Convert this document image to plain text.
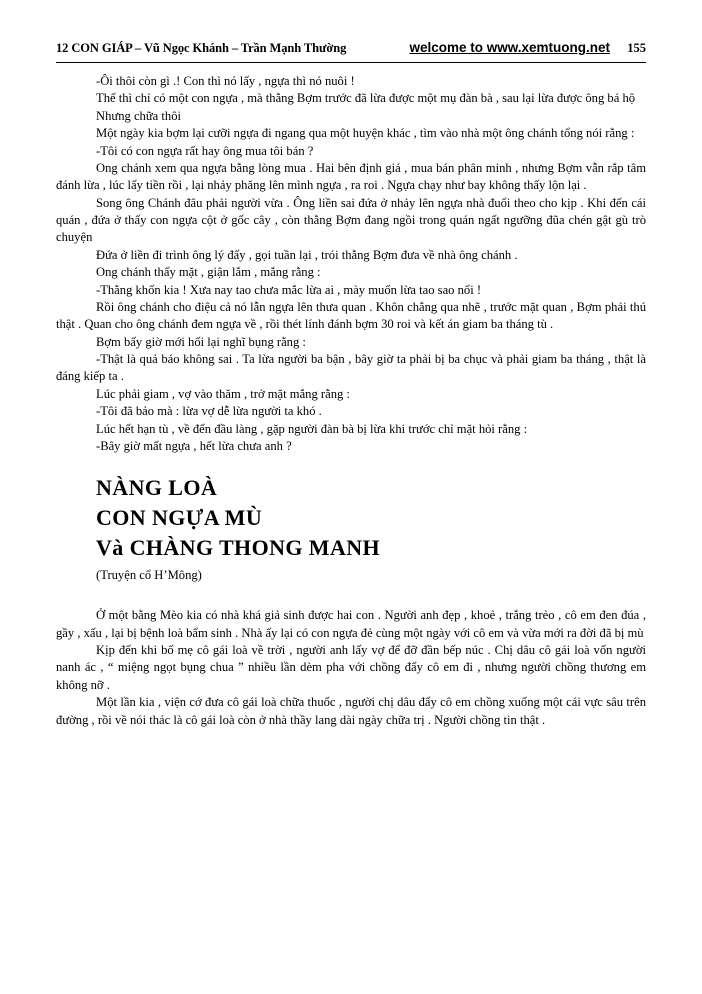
12 CON GIÁP – Vũ Ngọc Khánh – Trần Mạnh Thường	welcome to www.xemtuong.net	155

-Ôi thôi còn gì .! Con thì nó lấy , ngựa thì nó nuôi !

Thế thì chỉ có một con ngựa , mà thằng Bợm trước đã lừa được một mụ đàn bà , sau lại lừa được ông bá hộ

Nhưng chữa thôi

Một ngày kia bợm lại cưỡi ngựa đi ngang qua một huyện khác , tìm vào nhà một ông chánh tổng nói rằng :

-Tôi có con ngựa rất hay ông mua tôi bán ?

Ong chánh xem qua ngựa bằng lòng mua . Hai bên định giá , mua bán phân minh , nhưng Bợm vẫn rắp tâm đánh lừa , lúc lấy tiền rồi , lại nhảy phăng lên mình ngựa , ra roi . Ngựa chạy như bay không thấy lộn lại .

Song ông Chánh đâu phải người vừa . Ông liền sai đứa ở nhảy lên ngựa nhà đuổi theo cho kịp . Khi đến cái quán , đứa ở thấy con ngựa cột ở gốc cây , còn thằng Bợm đang ngồi trong quán ngất ngưỡng đũa chén gật gù trò chuyện

Đứa ở liền đi trình ông lý đấy , gọi tuần lại , trói thằng Bợm đưa về nhà ông chánh .

Ong chánh thấy mặt , giận lắm , mắng rằng :

-Thằng khốn kia ! Xưa nay tao chưa mắc lừa ai , mày muốn lừa tao sao nổi !

Rồi ông chánh cho điệu cả nó lẫn ngựa lên thưa quan . Khôn chẳng qua nhẽ , trước mặt quan , Bợm phải thú thật . Quan cho ông chánh đem ngựa về , rồi thét lính đánh bợm 30 roi và kết án giam ba tháng tù .

Bợm bấy giờ mới hối lại nghĩ bụng rằng :

-Thật là quả báo không sai . Ta lừa người ba bận , bây giờ ta phải bị ba chục và phải giam ba tháng , thật là đáng kiếp ta .

Lúc phải giam , vợ vào thăm , trở mặt mắng rằng :

-Tôi đã bảo mà : lừa vợ dễ lừa người ta khó .

Lúc hết hạn tù , về đến đầu làng , gặp người đàn bà bị lừa khi trước chỉ mặt hỏi rằng :

-Bây giờ mất ngựa , hết lừa chưa anh ?

NÀNG LOÀ
CON NGỰA MÙ
Và CHÀNG THONG MANH
(Truyện cổ H’Mông)

Ở một bằng Mèo kia có nhà khá giả sinh được hai con . Người anh đẹp , khoẻ , trắng trẻo , cô em đen đúa , gầy , xấu , lại bị bệnh loà bẩm sinh . Nhà ấy lại có con ngựa đẻ cùng một ngày với cô em và vừa mới ra đời đã bị mù

Kịp đến khi bố mẹ cô gái loà về trời , người anh lấy vợ để đỡ đần bếp núc . Chị dâu cô gái loà vốn người nanh ác , “ miệng ngọt bụng chua ” nhiều lần dèm pha với chồng đẩy cô em đi , nhưng người chồng thương em không nỡ .

Một lần kia , viện cớ đưa cô gái loà chữa thuốc , người chị dâu đẩy cô em chồng xuống một cái vực sâu trên đường , rồi về nói thác là cô gái loà còn ở nhà thầy lang dài ngày chữa trị . Người chồng tin thật .
